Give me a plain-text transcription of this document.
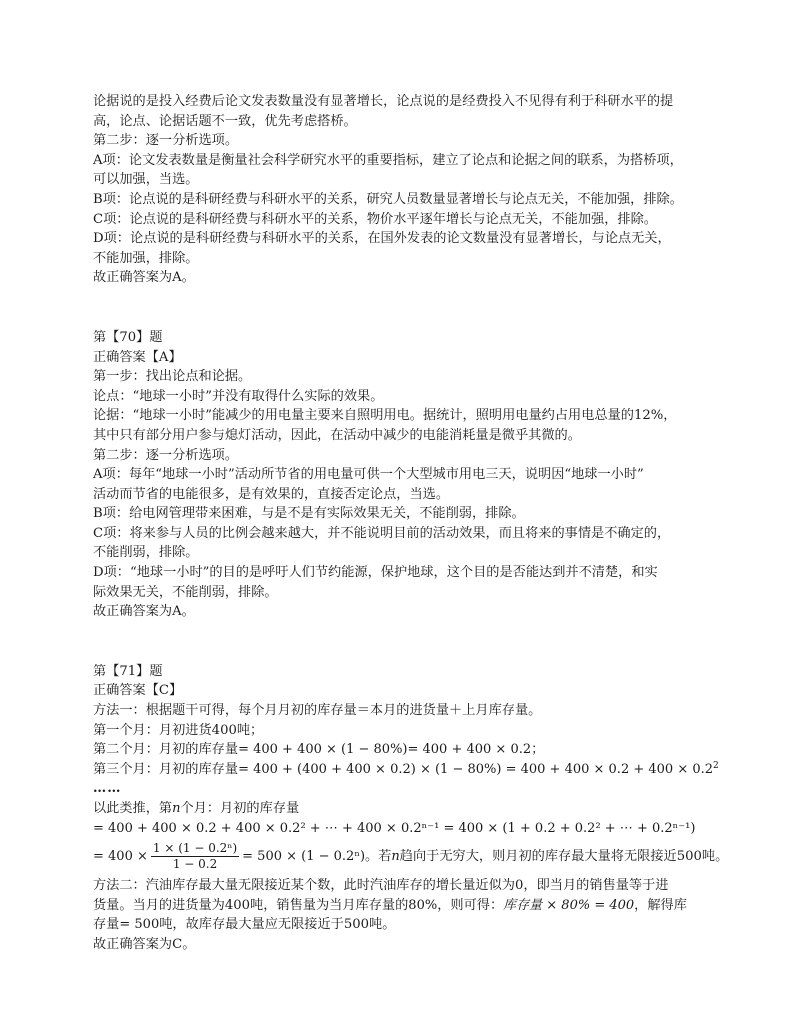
论据说的是投入经费后论文发表数量没有显著增长，论点说的是经费投入不见得有利于科研水平的提
高，论点、论据话题不一致，优先考虑搭桥。
第二步：逐一分析选项。
A项：论文发表数量是衡量社会科学研究水平的重要指标，建立了论点和论据之间的联系，为搭桥项，
可以加强，当选。
B项：论点说的是科研经费与科研水平的关系，研究人员数量显著增长与论点无关，不能加强，排除。
C项：论点说的是科研经费与科研水平的关系，物价水平逐年增长与论点无关，不能加强，排除。
D项：论点说的是科研经费与科研水平的关系，在国外发表的论文数量没有显著增长，与论点无关，
不能加强，排除。
故正确答案为A。
第【70】题
正确答案【A】
第一步：找出论点和论据。
论点：“地球一小时”并没有取得什么实际的效果。
论据：“地球一小时”能减少的用电量主要来自照明用电。据统计，照明用电量约占用电总量的12%，
其中只有部分用户参与熄灯活动，因此，在活动中减少的电能消耗量是微乎其微的。
第二步：逐一分析选项。
A项：每年“地球一小时”活动所节省的用电量可供一个大型城市用电三天，说明因“地球一小时”
活动而节省的电能很多，是有效果的，直接否定论点，当选。
B项：给电网管理带来困难，与是不是有实际效果无关，不能削弱，排除。
C项：将来参与人员的比例会越来越大，并不能说明目前的活动效果，而且将来的事情是不确定的，
不能削弱，排除。
D项：“地球一小时”的目的是呼吁人们节约能源，保护地球，这个目的是否能达到并不清楚，和实
际效果无关，不能削弱，排除。
故正确答案为A。
第【71】题
正确答案【C】
方法一：根据题干可得，每个月月初的库存量＝本月的进货量＋上月库存量。
第一个月：月初进货400吨；
第二个月：月初的库存量= 400 + 400 × (1 − 80%)= 400 + 400 × 0.2；
第三个月：月初的库存量= $400 + (400 + 400 \times 0.2) \times (1 - 80\%) = 400 + 400 \times 0.2 + 400 \times 0.2^2$
……
以此类推，第n个月：月初的库存量
= 400 + 400 × 0.2 + 400 × 0.2² + ⋯ + 400 × 0.2ⁿ⁻¹ = 400 × (1 + 0.2 + 0.2² + ⋯ + 0.2ⁿ⁻¹)
= $400 \times \frac{\text{1 × (1 − 0.2ⁿ)}}{1 - 0.2} = 500 \times (1 - 0.2^n)$。若n趋向于无穷大，则月初的库存最大量将无限接近500吨。
方法二：汽油库存最大量无限接近某个数，此时汽油库存的增长量近似为0，即当月的销售量等于进
货量。当月的进货量为400吨，销售量为当月库存量的80%，则可得：库存量 × 80% = 400，解得库
存量= 500吨，故库存最大量应无限接近于500吨。
故正确答案为C。
